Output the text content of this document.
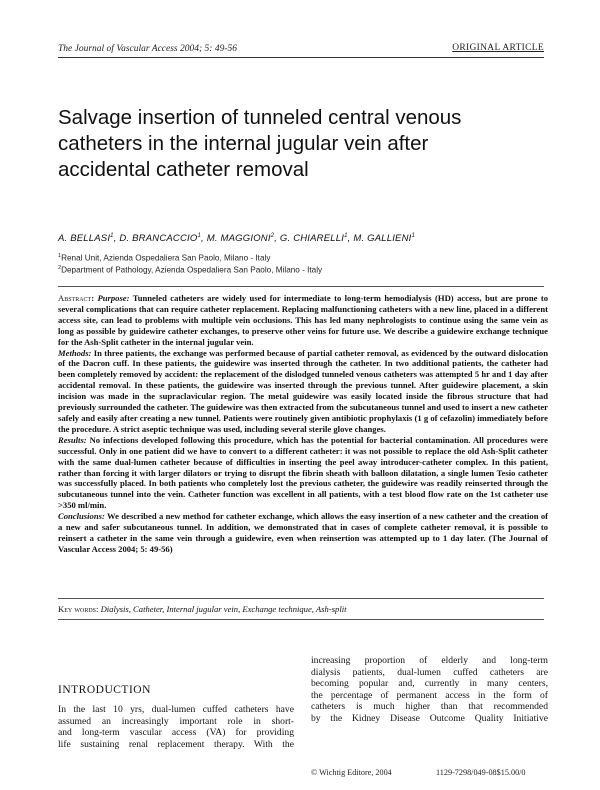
The Journal of Vascular Access 2004; 5: 49-56	ORIGINAL ARTICLE
Salvage insertion of tunneled central venous
catheters in the internal jugular vein after
accidental catheter removal
A. BELLASI$^1$, D. BRANCACCIO$^1$, M. MAGGIONI$^2$, G. CHIARELLI$^1$, M. GALLIENI$^1$
$^1$Renal Unit, Azienda Ospedaliera San Paolo, Milano - Italy
$^2$Department of Pathology, Azienda Ospedaliera San Paolo, Milano - Italy

Abstract: Purpose: Tunneled catheters are widely used for intermediate to long-term hemodialysis (HD) access, but are prone to several complications that can require catheter replacement. Replacing malfunctioning catheters with a new line, placed in a different access site, can lead to problems with multiple vein occlusions. This has led many nephrologists to continue using the same vein as long as possible by guidewire catheter exchanges, to preserve other veins for future use. We describe a guidewire exchange technique for the Ash-Split catheter in the internal jugular vein.

Methods: In three patients, the exchange was performed because of partial catheter removal, as evidenced by the outward dislocation of the Dacron cuff. In these patients, the guidewire was inserted through the catheter. In two additional patients, the catheter had been completely removed by accident: the replacement of the dislodged tunneled venous catheters was attempted 5 hr and 1 day after accidental removal. In these patients, the guidewire was inserted through the previous tunnel. After guidewire placement, a skin incision was made in the supraclavicular region. The metal guidewire was easily located inside the fibrous structure that had previously surrounded the catheter. The guidewire was then extracted from the subcutaneous tunnel and used to insert a new catheter safely and easily after creating a new tunnel. Patients were routinely given antibiotic prophylaxis (1 g of cefazolin) immediately before the procedure. A strict aseptic technique was used, including several sterile glove changes.

Results: No infections developed following this procedure, which has the potential for bacterial contamination. All procedures were successful. Only in one patient did we have to convert to a different catheter: it was not possible to replace the old Ash-Split catheter with the same dual-lumen catheter because of difficulties in inserting the peel away introducer-catheter complex. In this patient, rather than forcing it with larger dilators or trying to disrupt the fibrin sheath with balloon dilatation, a single lumen Tesio catheter was successfully placed. In both patients who completely lost the previous catheter, the guidewire was readily reinserted through the subcutaneous tunnel into the vein. Catheter function was excellent in all patients, with a test blood flow rate on the 1st catheter use >350 ml/min.

Conclusions: We described a new method for catheter exchange, which allows the easy insertion of a new catheter and the creation of a new and safer subcutaneous tunnel. In addition, we demonstrated that in cases of complete catheter removal, it is possible to reinsert a catheter in the same vein through a guidewire, even when reinsertion was attempted up to 1 day later. (The Journal of Vascular Access 2004; 5: 49-56)

Key words: Dialysis, Catheter, Internal jugular vein, Exchange technique, Ash-split
INTRODUCTION
In the last 10 yrs, dual-lumen cuffed catheters have
assumed an increasingly important role in short-
and long-term vascular access (VA) for providing
life sustaining renal replacement therapy. With the
increasing proportion of elderly and long-term
dialysis patients, dual-lumen cuffed catheters are
becoming popular and, currently in many centers,
the percentage of permanent access in the form of
catheters is much higher than that recommended
by the Kidney Disease Outcome Quality Initiative
© Wichtig Editore, 2004	1129-7298/049-08$15.00/0
